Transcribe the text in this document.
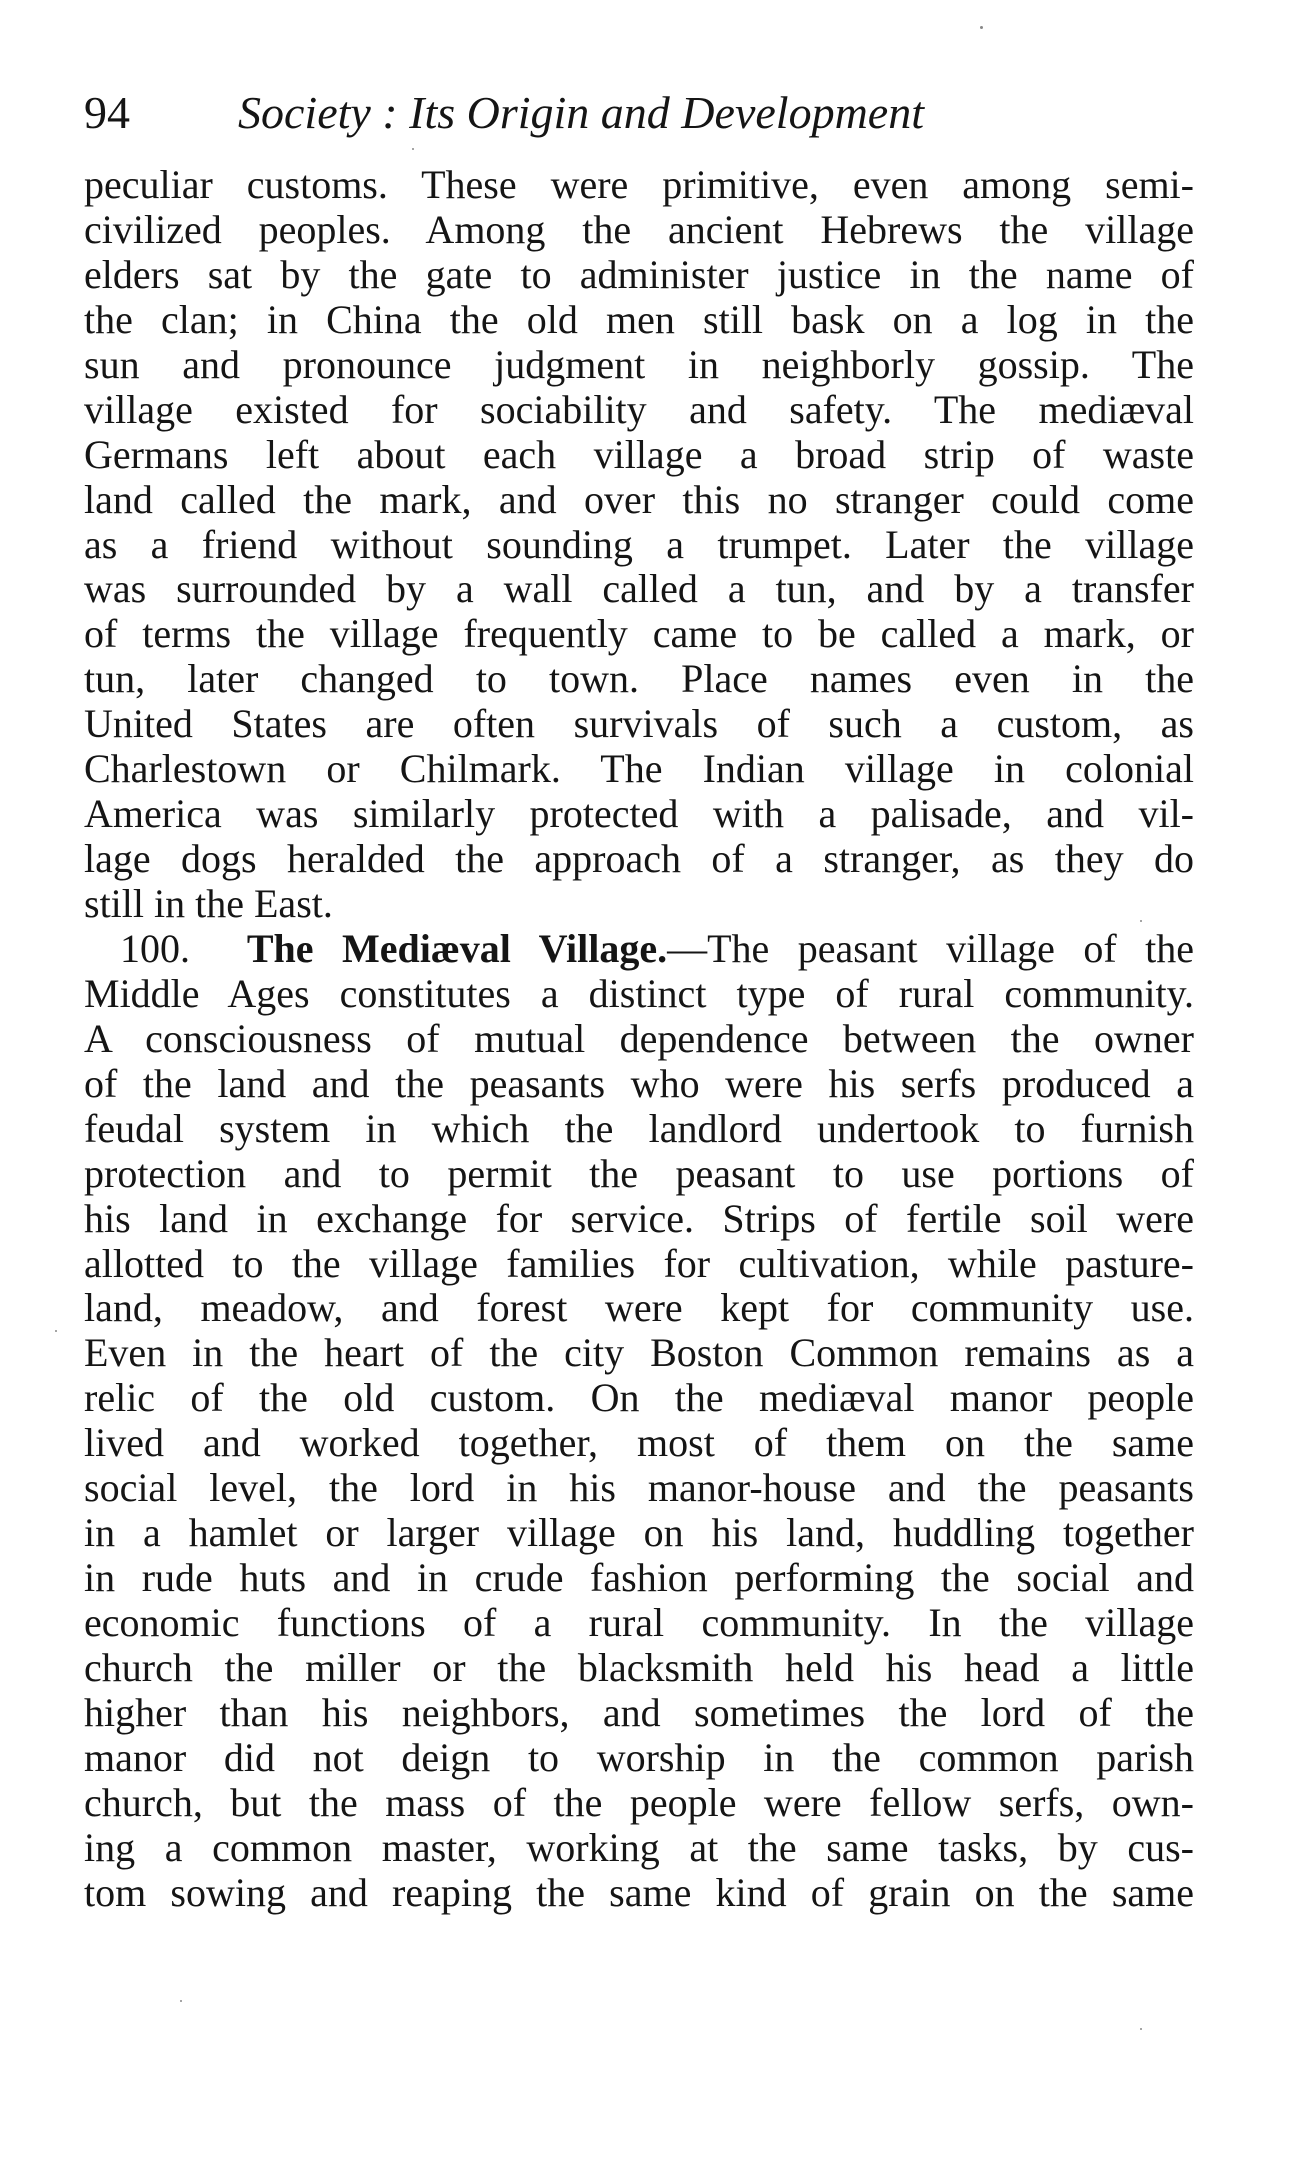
94 Society : Its Origin and Development
peculiar customs. These were primitive, even among semi-
civilized peoples. Among the ancient Hebrews the village
elders sat by the gate to administer justice in the name of
the clan; in China the old men still bask on a log in the
sun and pronounce judgment in neighborly gossip. The
village existed for sociability and safety. The mediæval
Germans left about each village a broad strip of waste
land called the mark, and over this no stranger could come
as a friend without sounding a trumpet. Later the village
was surrounded by a wall called a tun, and by a transfer
of terms the village frequently came to be called a mark, or
tun, later changed to town. Place names even in the
United States are often survivals of such a custom, as
Charlestown or Chilmark. The Indian village in colonial
America was similarly protected with a palisade, and vil-
lage dogs heralded the approach of a stranger, as they do
still in the East.
100. The Mediæval Village.—The peasant village of the
Middle Ages constitutes a distinct type of rural community.
A consciousness of mutual dependence between the owner
of the land and the peasants who were his serfs produced a
feudal system in which the landlord undertook to furnish
protection and to permit the peasant to use portions of
his land in exchange for service. Strips of fertile soil were
allotted to the village families for cultivation, while pasture-
land, meadow, and forest were kept for community use.
Even in the heart of the city Boston Common remains as a
relic of the old custom. On the mediæval manor people
lived and worked together, most of them on the same
social level, the lord in his manor-house and the peasants
in a hamlet or larger village on his land, huddling together
in rude huts and in crude fashion performing the social and
economic functions of a rural community. In the village
church the miller or the blacksmith held his head a little
higher than his neighbors, and sometimes the lord of the
manor did not deign to worship in the common parish
church, but the mass of the people were fellow serfs, own-
ing a common master, working at the same tasks, by cus-
tom sowing and reaping the same kind of grain on the same
